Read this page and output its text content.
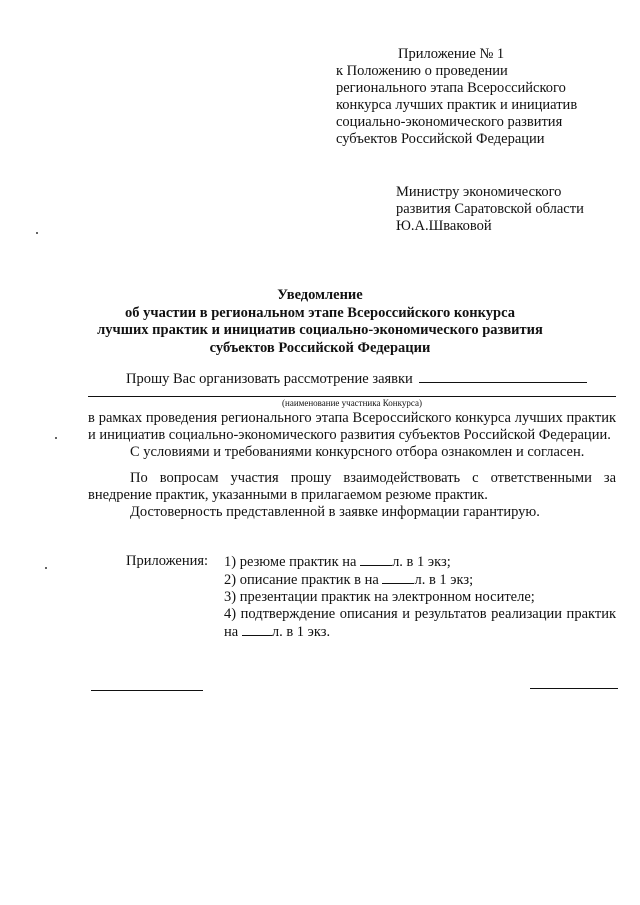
Приложение № 1
к Положению о проведении
регионального этапа Всероссийского
конкурса лучших практик и инициатив
социально-экономического развития
субъектов Российской Федерации
Министру экономического
развития Саратовской области
Ю.А.Шваковой
Уведомление
об участии в региональном этапе Всероссийского конкурса
лучших практик и инициатив социально-экономического развития
субъектов Российской Федерации
Прошу Вас организовать рассмотрение заявки
(наименование участника Конкурса)

в рамках проведения регионального этапа Всероссийского конкурса лучших практик и инициатив социально-экономического развития субъектов Российской Федерации.

С условиями и требованиями конкурсного отбора ознакомлен и согласен.

По вопросам участия прошу взаимодействовать с ответственными за внедрение практик, указанными в прилагаемом резюме практик.

Достоверность представленной в заявке информации гарантирую.

Приложения:	1) резюме практик на л. в 1 экз;
2) описание практик в на л. в 1 экз;
3) презентации практик на электронном носителе;
4) подтверждение описания и результатов реализации практик на л. в 1 экз.
